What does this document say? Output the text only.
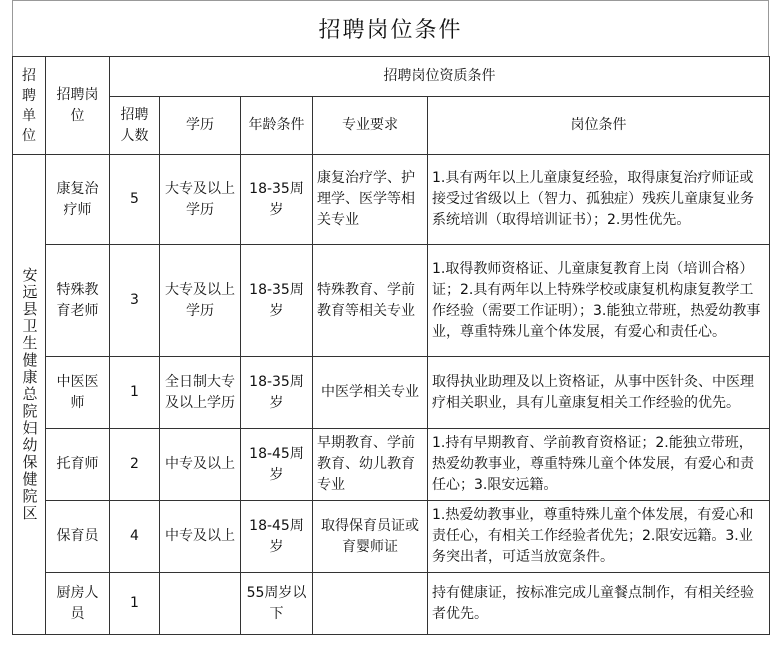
招聘岗位条件
招聘单位	招聘岗位	招聘岗位资质条件				
		招聘人数	学历	年龄条件	专业要求	岗位条件

安远县卫生健康总院妇幼保健院区	康复治疗师	5	大专及以上学历	18-35周岁	康复治疗学、护理学、医学等相关专业	1.具有两年以上儿童康复经验，取得康复治疗师证或接受过省级以上（智力、孤独症）残疾儿童康复业务系统培训（取得培训证书）；2.男性优先。
	特殊教育老师	3	大专及以上学历	18-35周岁	特殊教育、学前教育等相关专业	1.取得教师资格证、儿童康复教育上岗（培训合格）证；2.具有两年以上特殊学校或康复机构康复教学工作经验（需要工作证明）；3.能独立带班，热爱幼教事业，尊重特殊儿童个体发展，有爱心和责任心。
	中医医师	1	全日制大专及以上学历	18-35周岁	中医学相关专业	取得执业助理及以上资格证，从事中医针灸、中医理疗相关职业，具有儿童康复相关工作经验的优先。
	托育师	2	中专及以上	18-45周岁	早期教育、学前教育、幼儿教育专业	1.持有早期教育、学前教育资格证；2.能独立带班，热爱幼教事业，尊重特殊儿童个体发展，有爱心和责任心；3.限安远籍。
	保育员	4	中专及以上	18-45周岁	取得保育员证或育婴师证	1.热爱幼教事业，尊重特殊儿童个体发展，有爱心和责任心，有相关工作经验者优先；2.限安远籍。3.业务突出者，可适当放宽条件。
	厨房人员	1		55周岁以下		持有健康证，按标准完成儿童餐点制作，有相关经验者优先。
